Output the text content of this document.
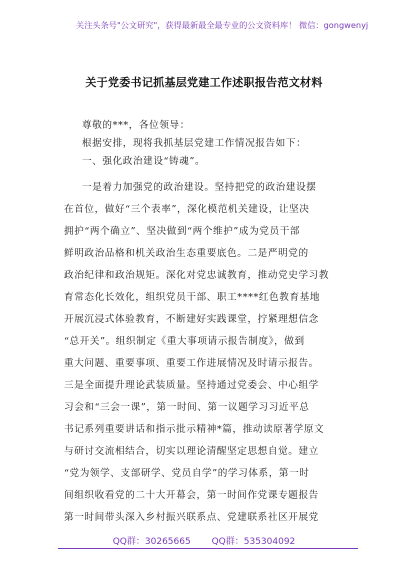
关注头条号"公文研究"，获得最新最全最专业的公文资料库！ 微信：gongwenyj
关于党委书记抓基层党建工作述职报告范文材料
尊敬的***，各位领导：
根据安排，现将我抓基层党建工作情况报告如下：
一、强化政治建设“铸魂”。
一是着力加强党的政治建设。坚持把党的政治建设摆
在首位，做好“三个表率”，深化模范机关建设，让坚决
拥护“两个确立”、坚决做到“两个维护”成为党员干部
鲜明政治品格和机关政治生态重要底色。二是严明党的
政治纪律和政治规矩。深化对党忠诚教育，推动党史学习教
育常态化长效化，组织党员干部、职工****红色教育基地
开展沉浸式体验教育，不断建好实践课堂，拧紧理想信念
“总开关”。组织制定《重大事项请示报告制度》，做到
重大问题、重要事项、重要工作进展情况及时请示报告。
三是全面提升理论武装质量。坚持通过党委会、中心组学
习会和“三会一课”，第一时间、第一议题学习习近平总
书记系列重要讲话和指示批示精神*篇，推动读原著学原文
与研讨交流相结合，切实以理论清醒坚定思想自觉。建立
“党为领学、支部研学、党员自学”的学习体系，第一时
间组织收看党的二十大开幕会，第一时间作党课专题报告
第一时间带头深入乡村振兴联系点、党建联系社区开展党
QQ群：30265665 QQ群：535304092
